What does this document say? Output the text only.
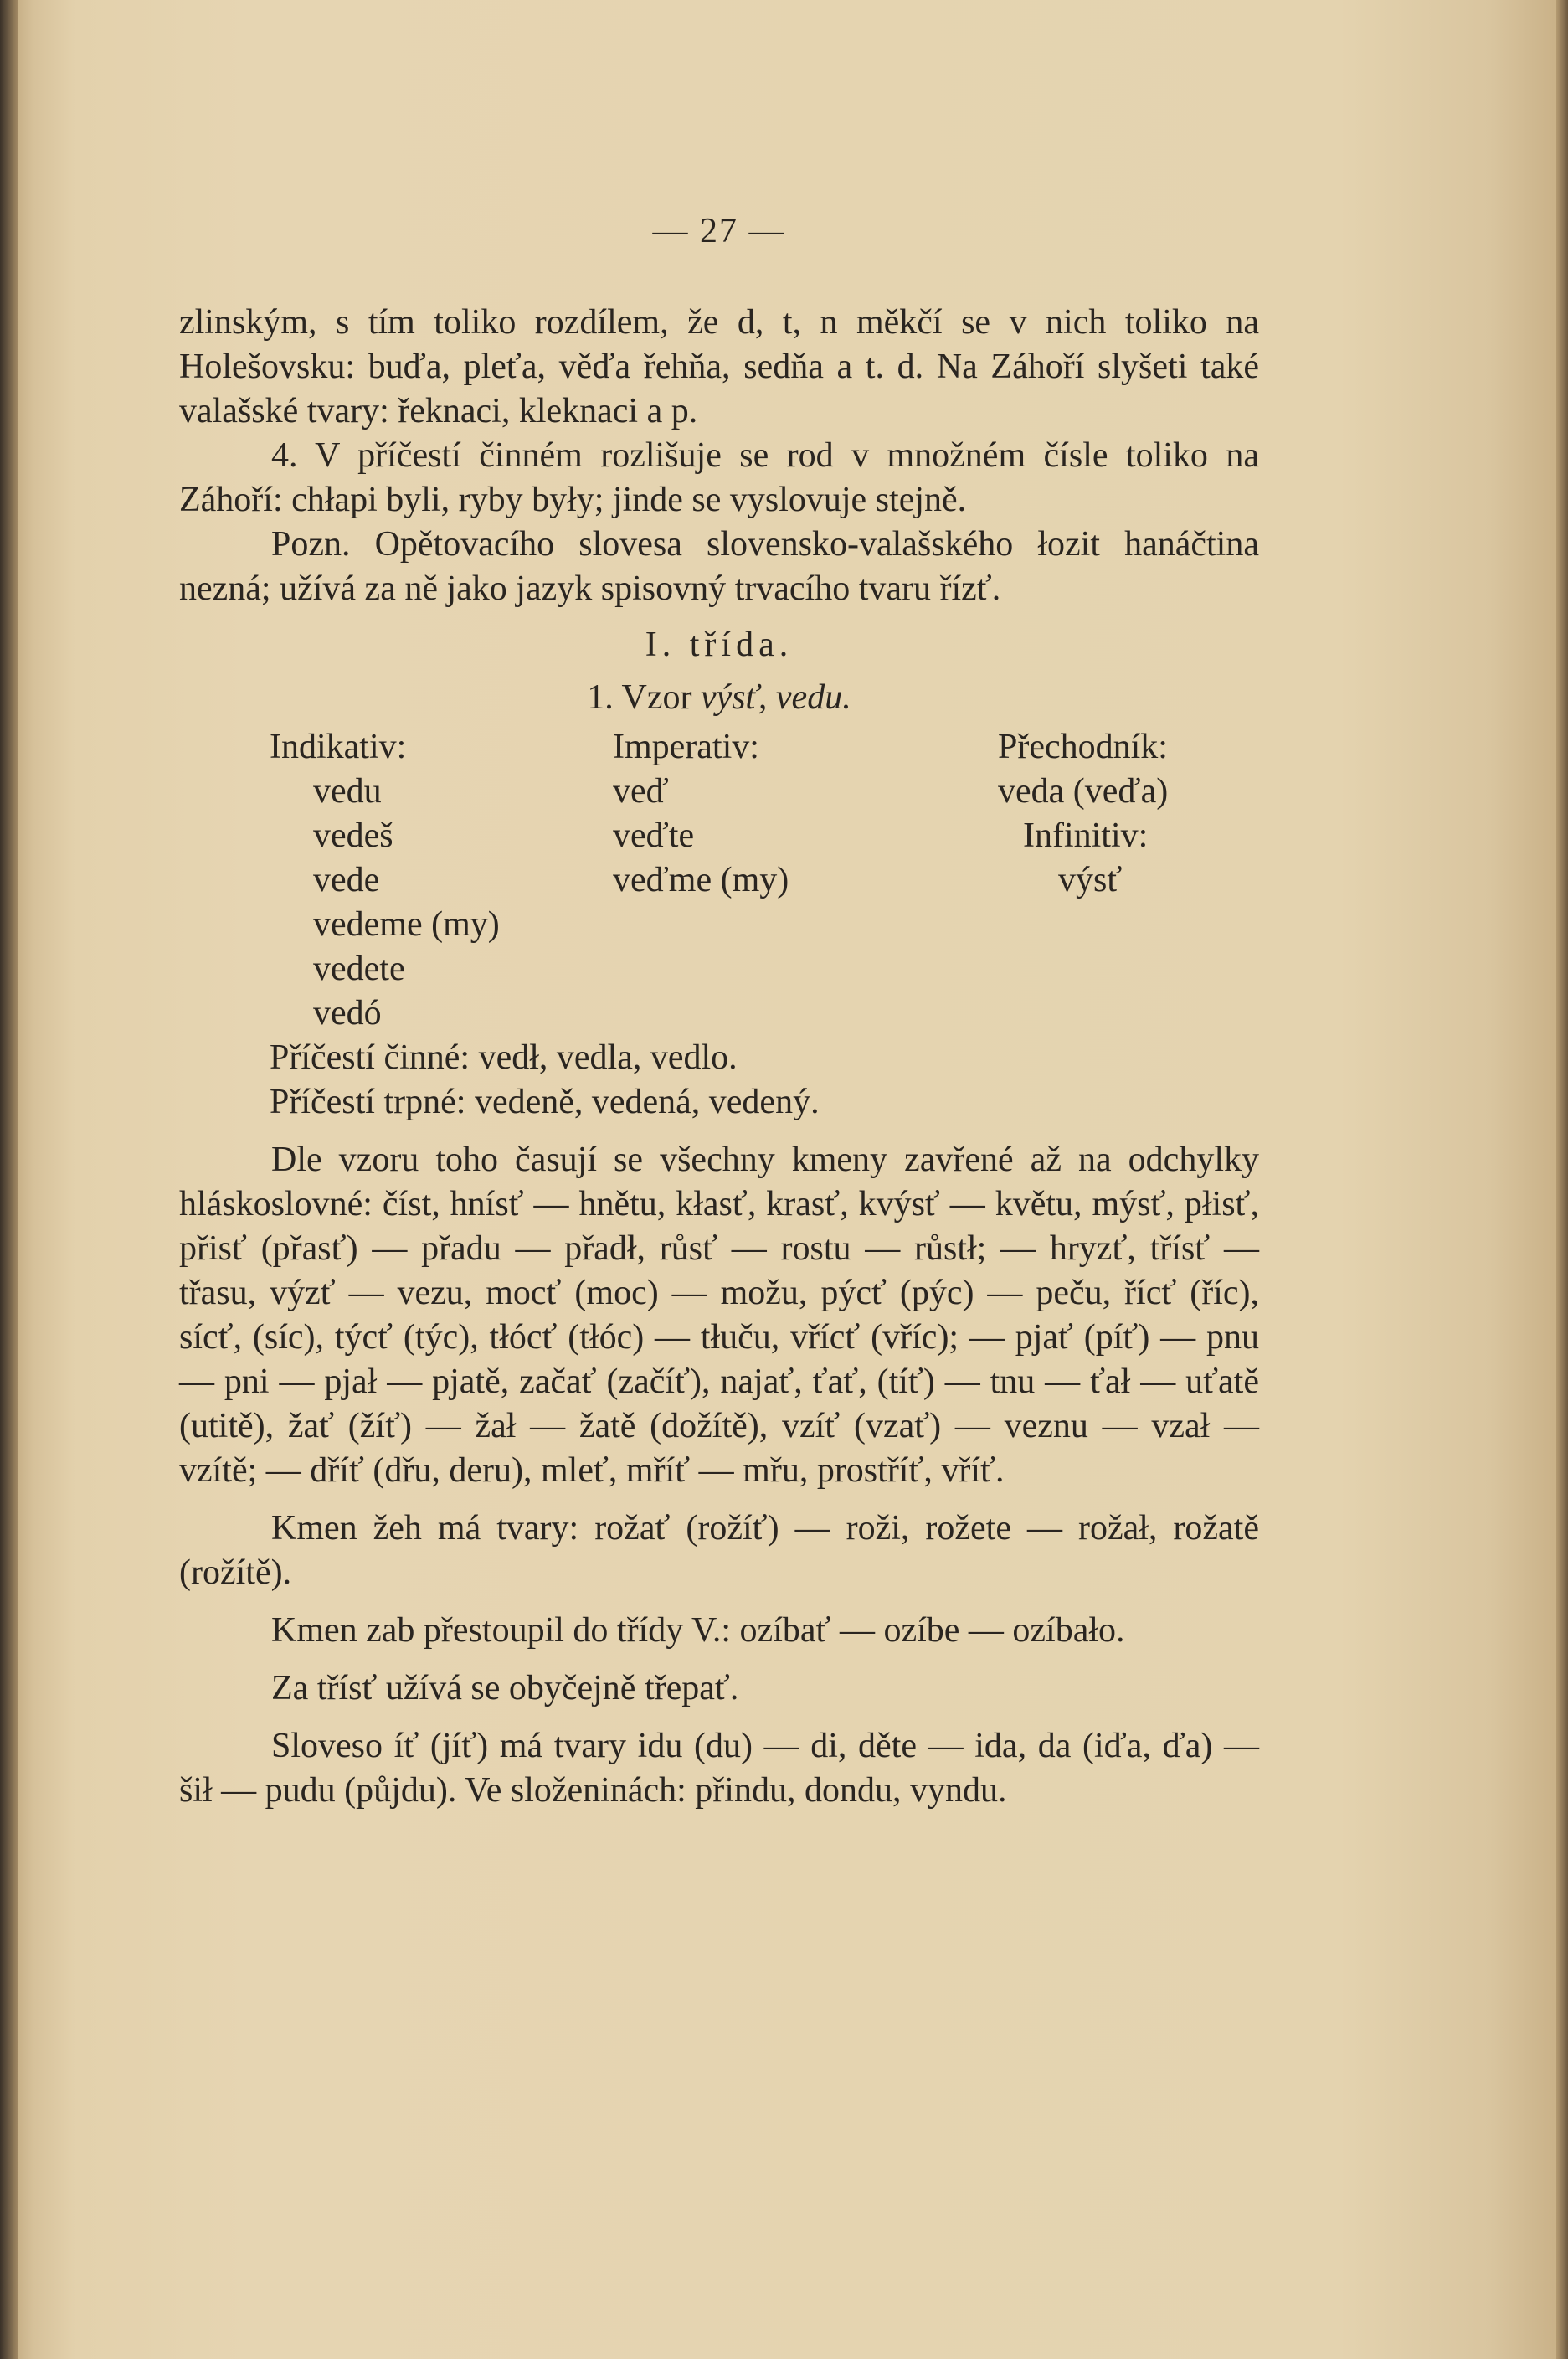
— 27 —

zlinským, s tím toliko rozdílem, že d, t, n měkčí se v nich toliko na Holešovsku: buďa, pleťa, věďa řehňa, sedňa a t. d. Na Záhoří slyšeti také valašské tvary: řeknaci, kleknaci a p.

4. V příčestí činném rozlišuje se rod v množném čísle toliko na Záhoří: chłapi byli, ryby były; jinde se vyslovuje stejně.

Pozn. Opětovacího slovesa slovensko-valašského łozit hanáčtina nezná; užívá za ně jako jazyk spisovný trvacího tvaru řízť.

I. třída.
1. Vzor výsť, vedu.
Indikativ:
vedu
vedeš
vede
vedeme (my)
vedete
vedó
Imperativ:
veď
veďte
veďme (my)
Přechodník:
veda (veďa)
Infinitiv:
výsť
Příčestí činné: vedł, vedla, vedlo.
Příčestí trpné: vedeně, vedená, vedený.

Dle vzoru toho časují se všechny kmeny zavřené až na odchylky hláskoslovné: číst, hnísť — hnětu, kłasť, krasť, kvýsť — květu, mýsť, płisť, přisť (přasť) — přadu — přadł, růsť — rostu — růstł; — hryzť, třísť — třasu, výzť — vezu, mocť (moc) — možu, pýcť (pýc) — peču, řícť (říc), sícť, (síc), týcť (týc), tłócť (tłóc) — tłuču, vřícť (vříc); — pjať (píť) — pnu — pni — pjał — pjatě, začať (začíť), najať, ťať, (tíť) — tnu — ťał — uťatě (utitě), žať (žíť) — žał — žatě (dožítě), vzíť (vzať) — veznu — vzał — vzítě; — dříť (dřu, deru), mleť, mříť — mřu, prostříť, vříť.

Kmen žeh má tvary: rožať (rožíť) — roži, rožete — rožał, rožatě (rožítě).

Kmen zab přestoupil do třídy V.: ozíbať — ozíbe — ozíbało.

Za třísť užívá se obyčejně třepať.

Sloveso íť (jíť) má tvary idu (du) — di, děte — ida, da (iďa, ďa) — šił — pudu (půjdu). Ve složeninách: přindu, dondu, vyndu.
